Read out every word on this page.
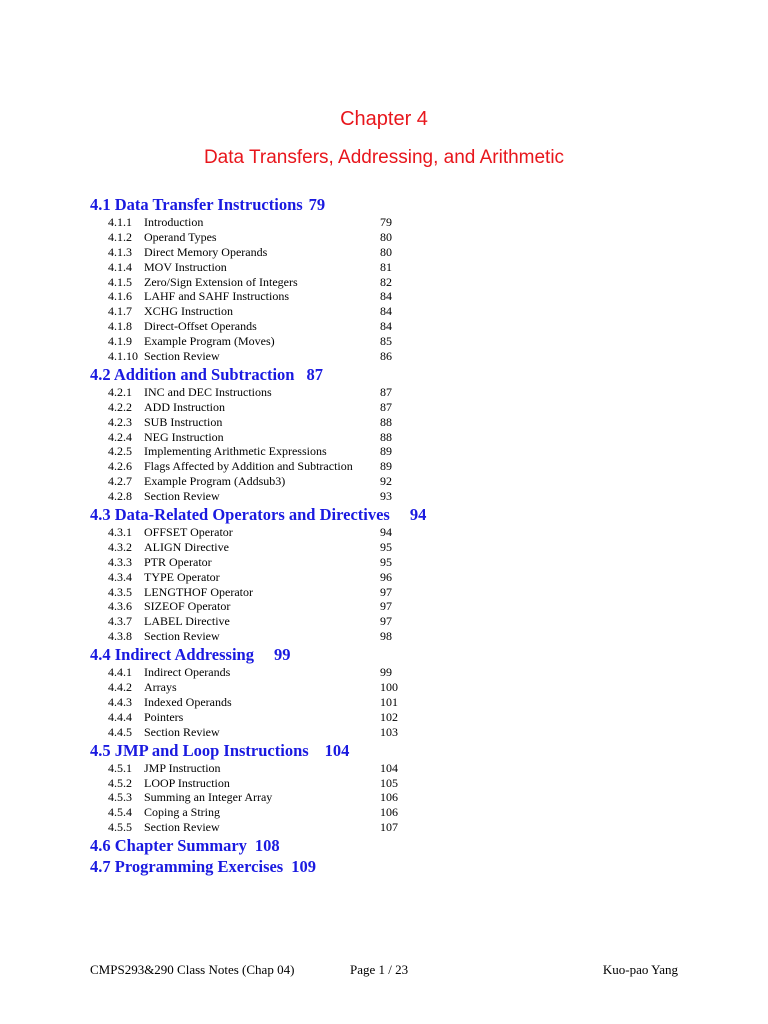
Chapter 4
Data Transfers, Addressing, and Arithmetic
4.1 Data Transfer Instructions 79
4.1.1 Introduction	79
4.1.2 Operand Types	80
4.1.3 Direct Memory Operands	80
4.1.4 MOV Instruction	81
4.1.5 Zero/Sign Extension of Integers	82
4.1.6 LAHF and SAHF Instructions	84
4.1.7 XCHG Instruction	84
4.1.8 Direct-Offset Operands	84
4.1.9 Example Program (Moves)	85
4.1.10 Section Review	86
4.2 Addition and Subtraction 87
4.2.1 INC and DEC Instructions	87
4.2.2 ADD Instruction	87
4.2.3 SUB Instruction	88
4.2.4 NEG Instruction	88
4.2.5 Implementing Arithmetic Expressions	89
4.2.6 Flags Affected by Addition and Subtraction 89
4.2.7 Example Program (Addsub3)	92
4.2.8 Section Review	93
4.3 Data-Related Operators and Directives 94
4.3.1 OFFSET Operator	94
4.3.2 ALIGN Directive	95
4.3.3 PTR Operator	95
4.3.4 TYPE Operator	96
4.3.5 LENGTHOF Operator	97
4.3.6 SIZEOF Operator	97
4.3.7 LABEL Directive	97
4.3.8 Section Review	98
4.4 Indirect Addressing 99
4.4.1 Indirect Operands	99
4.4.2 Arrays	100
4.4.3 Indexed Operands	101
4.4.4 Pointers	102
4.4.5 Section Review	103
4.5 JMP and Loop Instructions 104
4.5.1 JMP Instruction	104
4.5.2 LOOP Instruction	105
4.5.3 Summing an Integer Array	106
4.5.4 Coping a String	106
4.5.5 Section Review	107
4.6 Chapter Summary 108
4.7 Programming Exercises 109
CMPS293&290 Class Notes (Chap 04)	Page 1 / 23	Kuo-pao Yang
